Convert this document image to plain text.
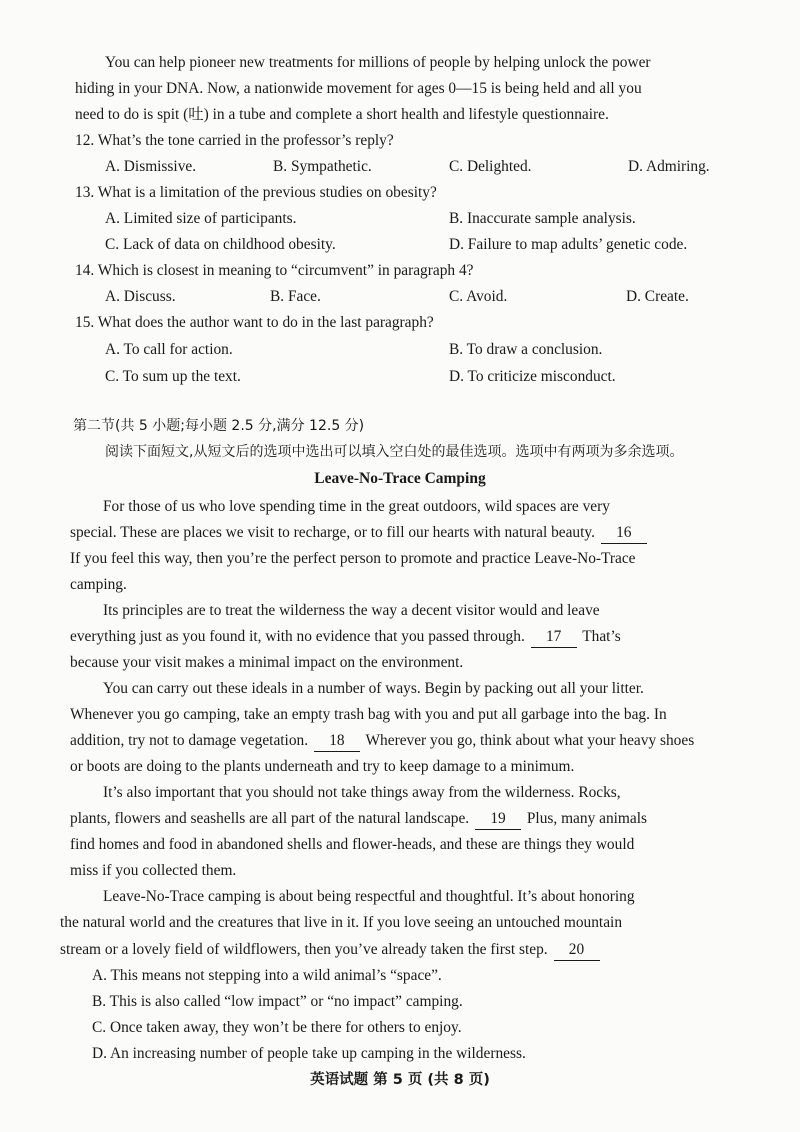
You can help pioneer new treatments for millions of people by helping unlock the power
hiding in your DNA. Now, a nationwide movement for ages 0—15 is being held and all you
need to do is spit (吐) in a tube and complete a short health and lifestyle questionnaire.
12. What’s the tone carried in the professor’s reply?
A. Dismissive.	B. Sympathetic.	C. Delighted.	D. Admiring.
13. What is a limitation of the previous studies on obesity?
A. Limited size of participants.	B. Inaccurate sample analysis.
C. Lack of data on childhood obesity.	D. Failure to map adults’ genetic code.
14. Which is closest in meaning to “circumvent” in paragraph 4?
A. Discuss.	B. Face.	C. Avoid.	D. Create.
15. What does the author want to do in the last paragraph?
A. To call for action.	B. To draw a conclusion.
C. To sum up the text.	D. To criticize misconduct.
第二节(共 5 小题;每小题 2.5 分,满分 12.5 分)
阅读下面短文,从短文后的选项中选出可以填入空白处的最佳选项。选项中有两项为多余选项。
Leave-No-Trace Camping
For those of us who love spending time in the great outdoors, wild spaces are very
special. These are places we visit to recharge, or to fill our hearts with natural beauty. 16
If you feel this way, then you’re the perfect person to promote and practice Leave-No-Trace
camping.
Its principles are to treat the wilderness the way a decent visitor would and leave
everything just as you found it, with no evidence that you passed through. 17 That’s
because your visit makes a minimal impact on the environment.
You can carry out these ideals in a number of ways. Begin by packing out all your litter.
Whenever you go camping, take an empty trash bag with you and put all garbage into the bag. In
addition, try not to damage vegetation. 18 Wherever you go, think about what your heavy shoes
or boots are doing to the plants underneath and try to keep damage to a minimum.
It’s also important that you should not take things away from the wilderness. Rocks,
plants, flowers and seashells are all part of the natural landscape. 19 Plus, many animals
find homes and food in abandoned shells and flower-heads, and these are things they would
miss if you collected them.
Leave-No-Trace camping is about being respectful and thoughtful. It’s about honoring
the natural world and the creatures that live in it. If you love seeing an untouched mountain
stream or a lovely field of wildflowers, then you’ve already taken the first step. 20
A. This means not stepping into a wild animal’s “space”.
B. This is also called “low impact” or “no impact” camping.
C. Once taken away, they won’t be there for others to enjoy.
D. An increasing number of people take up camping in the wilderness.
英语试题 第 5 页 (共 8 页)
